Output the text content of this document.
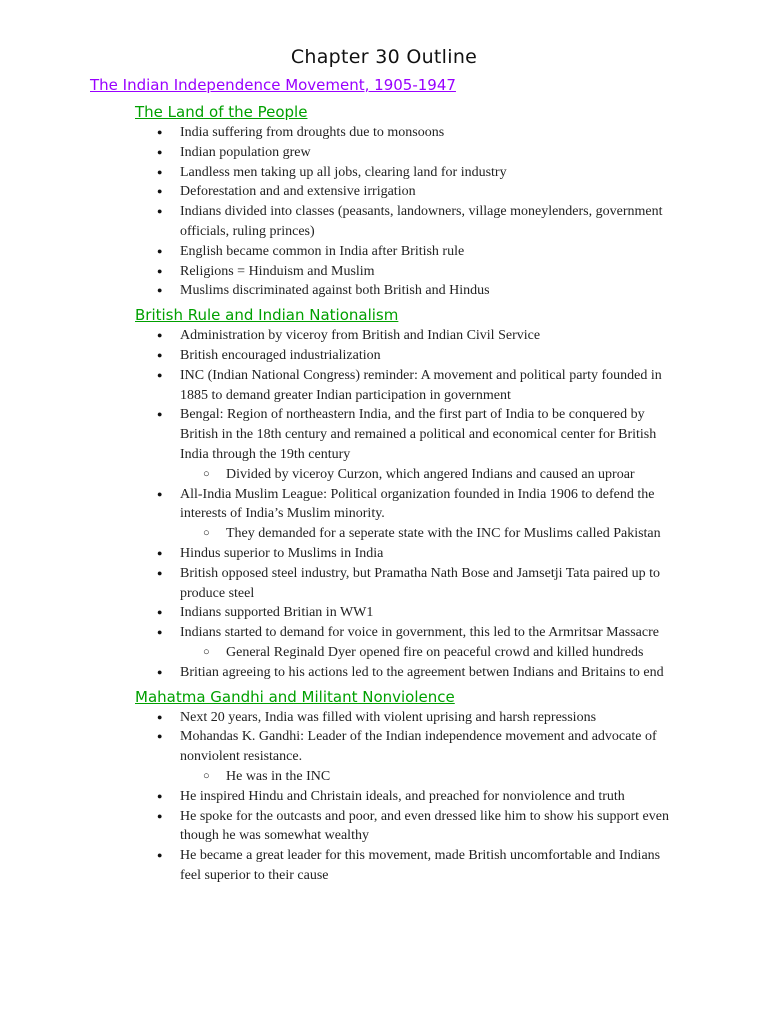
Chapter 30 Outline
The Indian Independence Movement, 1905-1947
The Land of the People
● India suffering from droughts due to monsoons
● Indian population grew
● Landless men taking up all jobs, clearing land for industry
● Deforestation and and extensive irrigation
● Indians divided into classes (peasants, landowners, village moneylenders, government officials, ruling princes)
● English became common in India after British rule
● Religions = Hinduism and Muslim
● Muslims discriminated against both British and Hindus
British Rule and Indian Nationalism
● Administration by viceroy from British and Indian Civil Service
● British encouraged industrialization
● INC (Indian National Congress) reminder: A movement and political party founded in 1885 to demand greater Indian participation in government
● Bengal: Region of northeastern India, and the first part of India to be conquered by British in the 18th century and remained a political and economical center for British India through the 19th century
○ Divided by viceroy Curzon, which angered Indians and caused an uproar
● All-India Muslim League: Political organization founded in India 1906 to defend the interests of India’s Muslim minority.
○ They demanded for a seperate state with the INC for Muslims called Pakistan
● Hindus superior to Muslims in India
● British opposed steel industry, but Pramatha Nath Bose and Jamsetji Tata paired up to produce steel
● Indians supported Britian in WW1
● Indians started to demand for voice in government, this led to the Armritsar Massacre
○ General Reginald Dyer opened fire on peaceful crowd and killed hundreds
● Britian agreeing to his actions led to the agreement betwen Indians and Britains to end
Mahatma Gandhi and Militant Nonviolence
● Next 20 years, India was filled with violent uprising and harsh repressions
● Mohandas K. Gandhi: Leader of the Indian independence movement and advocate of nonviolent resistance.
○ He was in the INC
● He inspired Hindu and Christain ideals, and preached for nonviolence and truth
● He spoke for the outcasts and poor, and even dressed like him to show his support even though he was somewhat wealthy
● He became a great leader for this movement, made British uncomfortable and Indians feel superior to their cause
